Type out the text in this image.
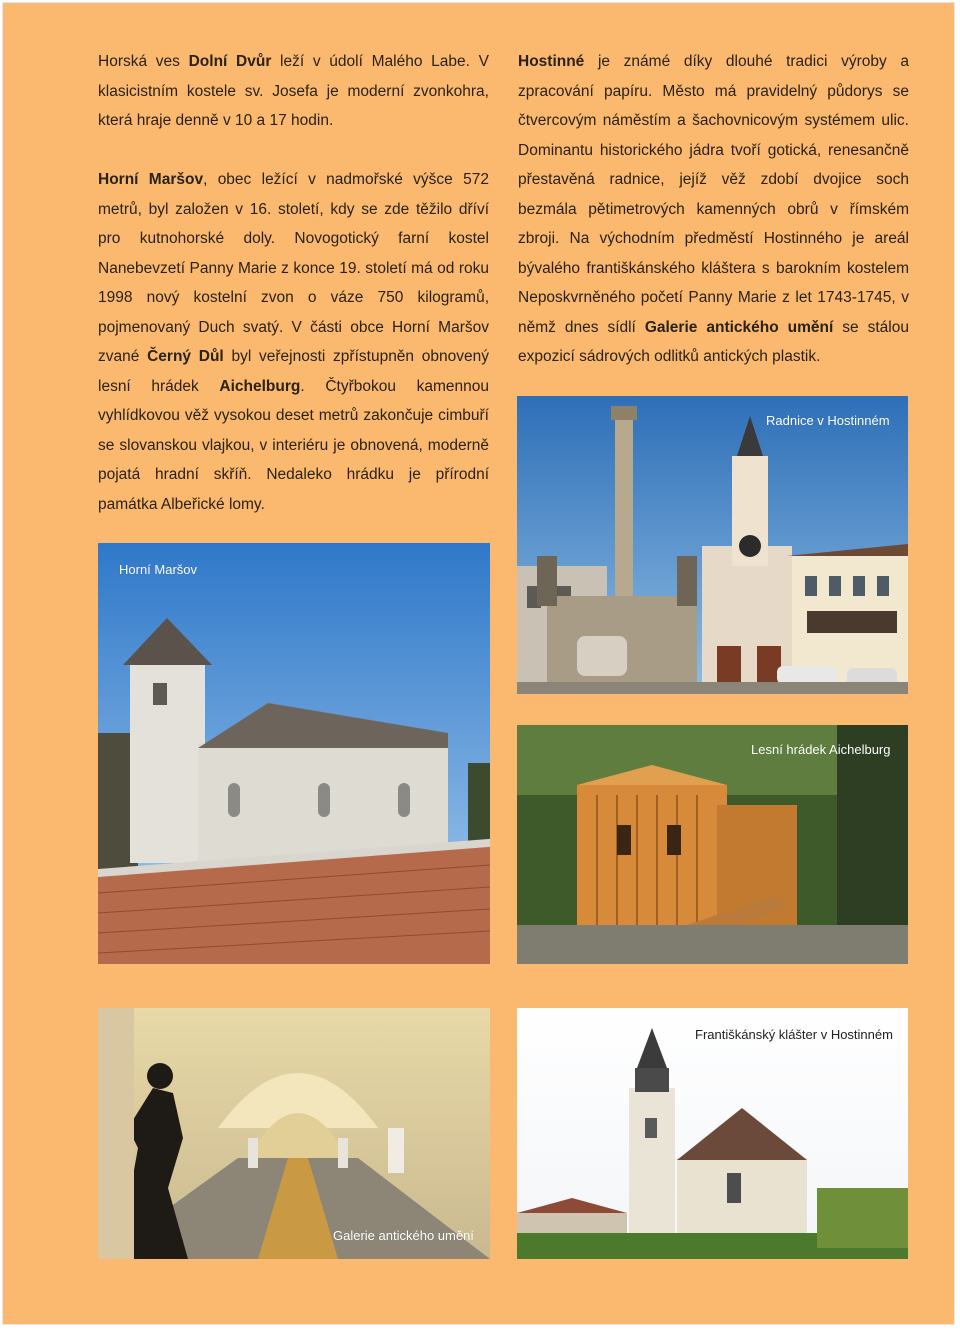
Horská ves Dolní Dvůr leží v údolí Malého Labe. V klasicistním kostele sv. Josefa je moderní zvonkohra, která hraje denně v 10 a 17 hodin.

Horní Maršov, obec ležící v nadmořské výšce 572 metrů, byl založen v 16. století, kdy se zde těžilo dříví pro kutnohorské doly. Novogotický farní kostel Nanebevzetí Panny Marie z konce 19. století má od roku 1998 nový kostelní zvon o váze 750 kilogramů, pojmenovaný Duch svatý. V části obce Horní Maršov zvané Černý Důl byl veřejnosti zpřístupněn obnovený lesní hrádek Aichelburg. Čtyřbokou kamennou vyhlídkovou věž vysokou deset metrů zakončuje cimbuří se slovanskou vlajkou, v interiéru je obnovená, moderně pojatá hradní skříň. Nedaleko hrádku je přírodní památka Albeřické lomy.

Hostinné je známé díky dlouhé tradici výroby a zpracování papíru. Město má pravidelný půdorys se čtvercovým náměstím a šachovnicovým systémem ulic. Dominantu historického jádra tvoří gotická, renesančně přestavěná radnice, jejíž věž zdobí dvojice soch bezmála pětimetrových kamenných obrů v římském zbroji. Na východním předměstí Hostinného je areál bývalého františkánského kláštera s barokním kostelem Neposkvrněného početí Panny Marie z let 1743-1745, v němž dnes sídlí Galerie antického umění se stálou expozicí sádrových odlitků antických plastik.

Radnice v Hostinném
Horní Maršov
Lesní hrádek Aichelburg
Galerie antického umění
Františkánský klášter v Hostinném
